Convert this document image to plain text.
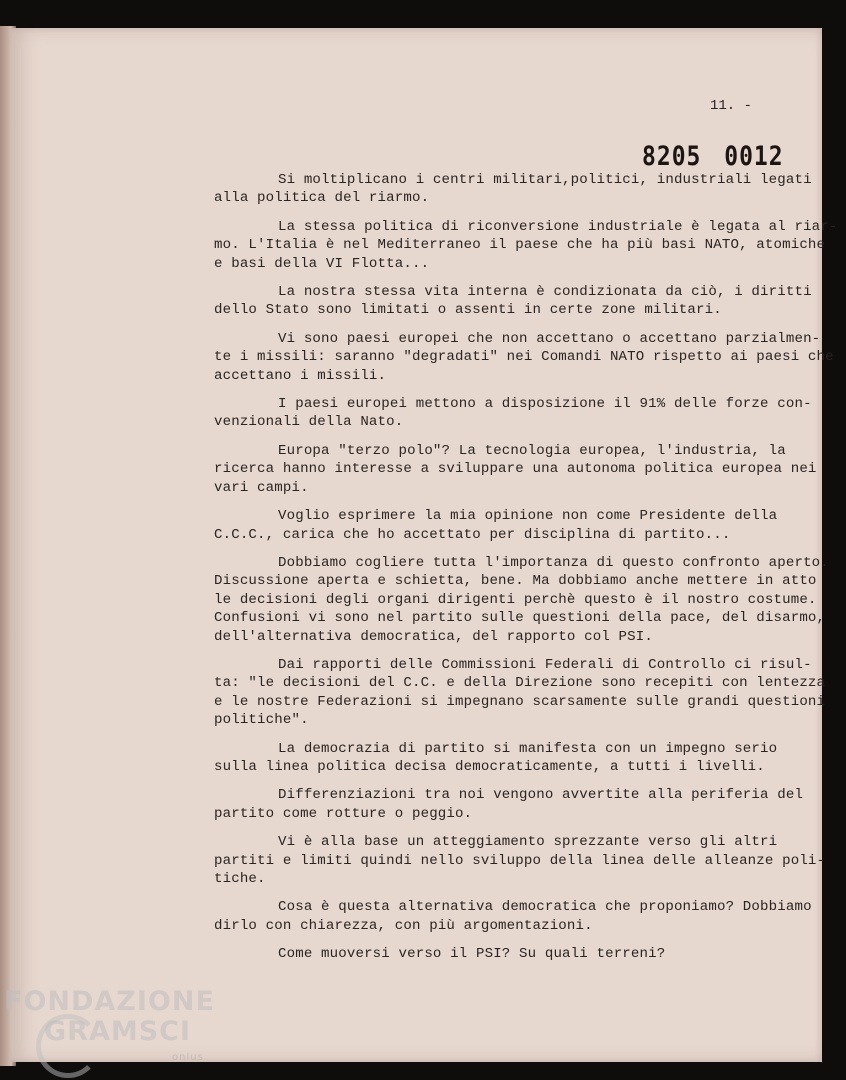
11. -
8205 0012
Si moltiplicano i centri militari,politici, industriali legati
alla politica del riarmo.
La stessa politica di riconversione industriale è legata al riar-
mo. L'Italia è nel Mediterraneo il paese che ha più basi NATO, atomiche
e basi della VI Flotta...
La nostra stessa vita interna è condizionata da ciò, i diritti
dello Stato sono limitati o assenti in certe zone militari.
Vi sono paesi europei che non accettano o accettano parzialmen-
te i missili: saranno "degradati" nei Comandi NATO rispetto ai paesi che
accettano i missili.
I paesi europei mettono a disposizione il 91% delle forze con-
venzionali della Nato.
Europa "terzo polo"? La tecnologia europea, l'industria, la
ricerca hanno interesse a sviluppare una autonoma politica europea nei
vari campi.
Voglio esprimere la mia opinione non come Presidente della
C.C.C., carica che ho accettato per disciplina di partito...
Dobbiamo cogliere tutta l'importanza di questo confronto aperto.
Discussione aperta e schietta, bene. Ma dobbiamo anche mettere in atto
le decisioni degli organi dirigenti perchè questo è il nostro costume.
Confusioni vi sono nel partito sulle questioni della pace, del disarmo,
dell'alternativa democratica, del rapporto col PSI.
Dai rapporti delle Commissioni Federali di Controllo ci risul-
ta: "le decisioni del C.C. e della Direzione sono recepiti con lentezza
e le nostre Federazioni si impegnano scarsamente sulle grandi questioni
politiche".
La democrazia di partito si manifesta con un impegno serio
sulla linea politica decisa democraticamente, a tutti i livelli.
Differenziazioni tra noi vengono avvertite alla periferia del
partito come rotture o peggio.
Vi è alla base un atteggiamento sprezzante verso gli altri
partiti e limiti quindi nello sviluppo della linea delle alleanze poli-
tiche.
Cosa è questa alternativa democratica che proponiamo? Dobbiamo
dirlo con chiarezza, con più argomentazioni.
Come muoversi verso il PSI? Su quali terreni?
FONDAZIONE
GRAMSCI
onlus
